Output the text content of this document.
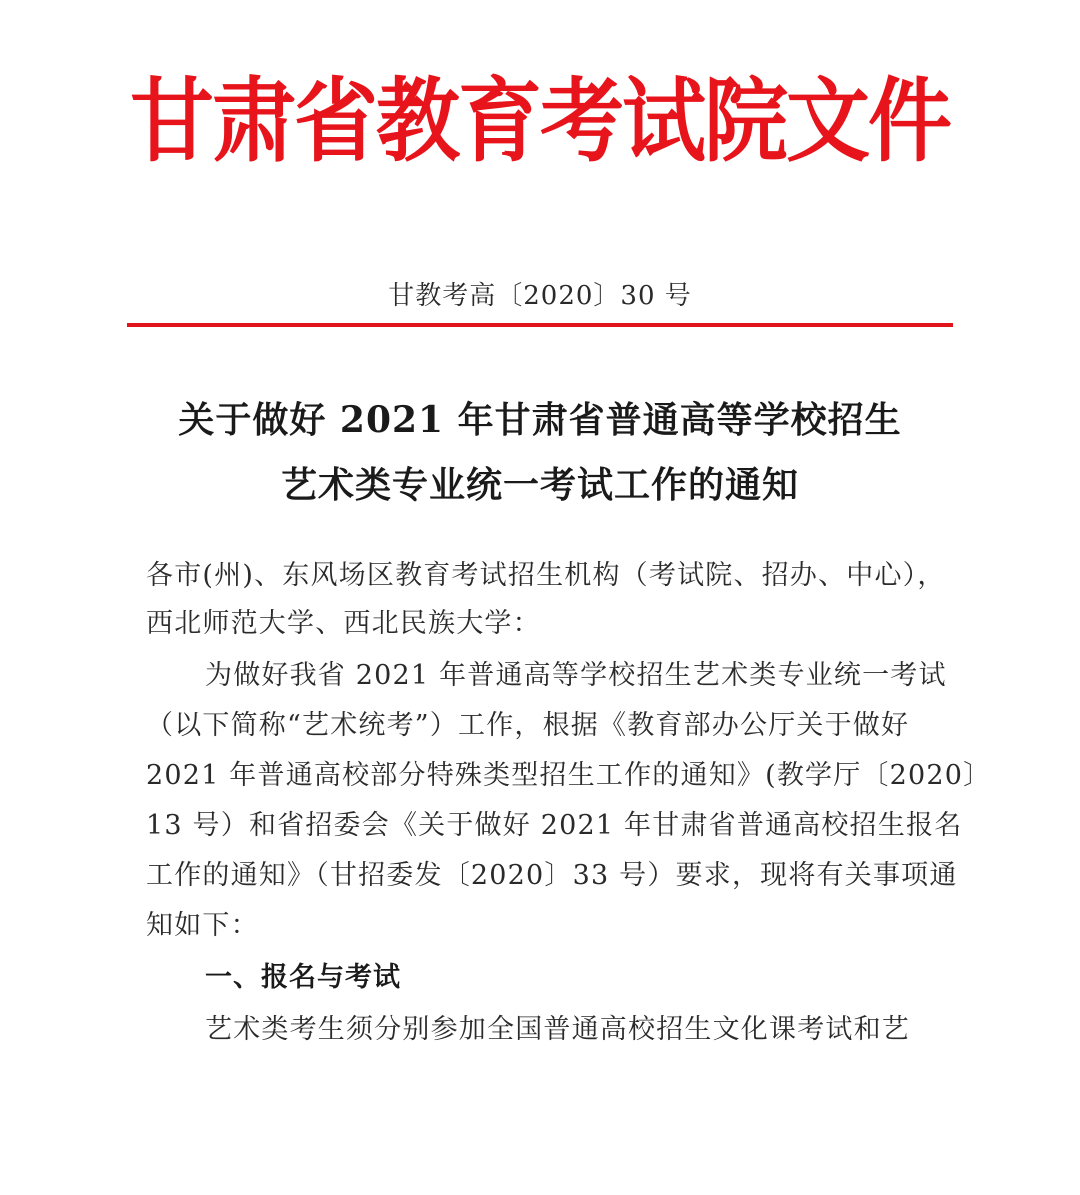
甘肃省教育考试院文件
甘教考高〔2020〕30 号
关于做好 2021 年甘肃省普通高等学校招生
艺术类专业统一考试工作的通知
各市(州)、东风场区教育考试招生机构（考试院、招办、中心），
西北师范大学、西北民族大学：
为做好我省 2021 年普通高等学校招生艺术类专业统一考试
（以下简称“艺术统考”）工作，根据《教育部办公厅关于做好
2021 年普通高校部分特殊类型招生工作的通知》(教学厅〔2020〕
13 号）和省招委会《关于做好 2021 年甘肃省普通高校招生报名
工作的通知》（甘招委发〔2020〕33 号）要求，现将有关事项通
知如下：
一、报名与考试
艺术类考生须分别参加全国普通高校招生文化课考试和艺
